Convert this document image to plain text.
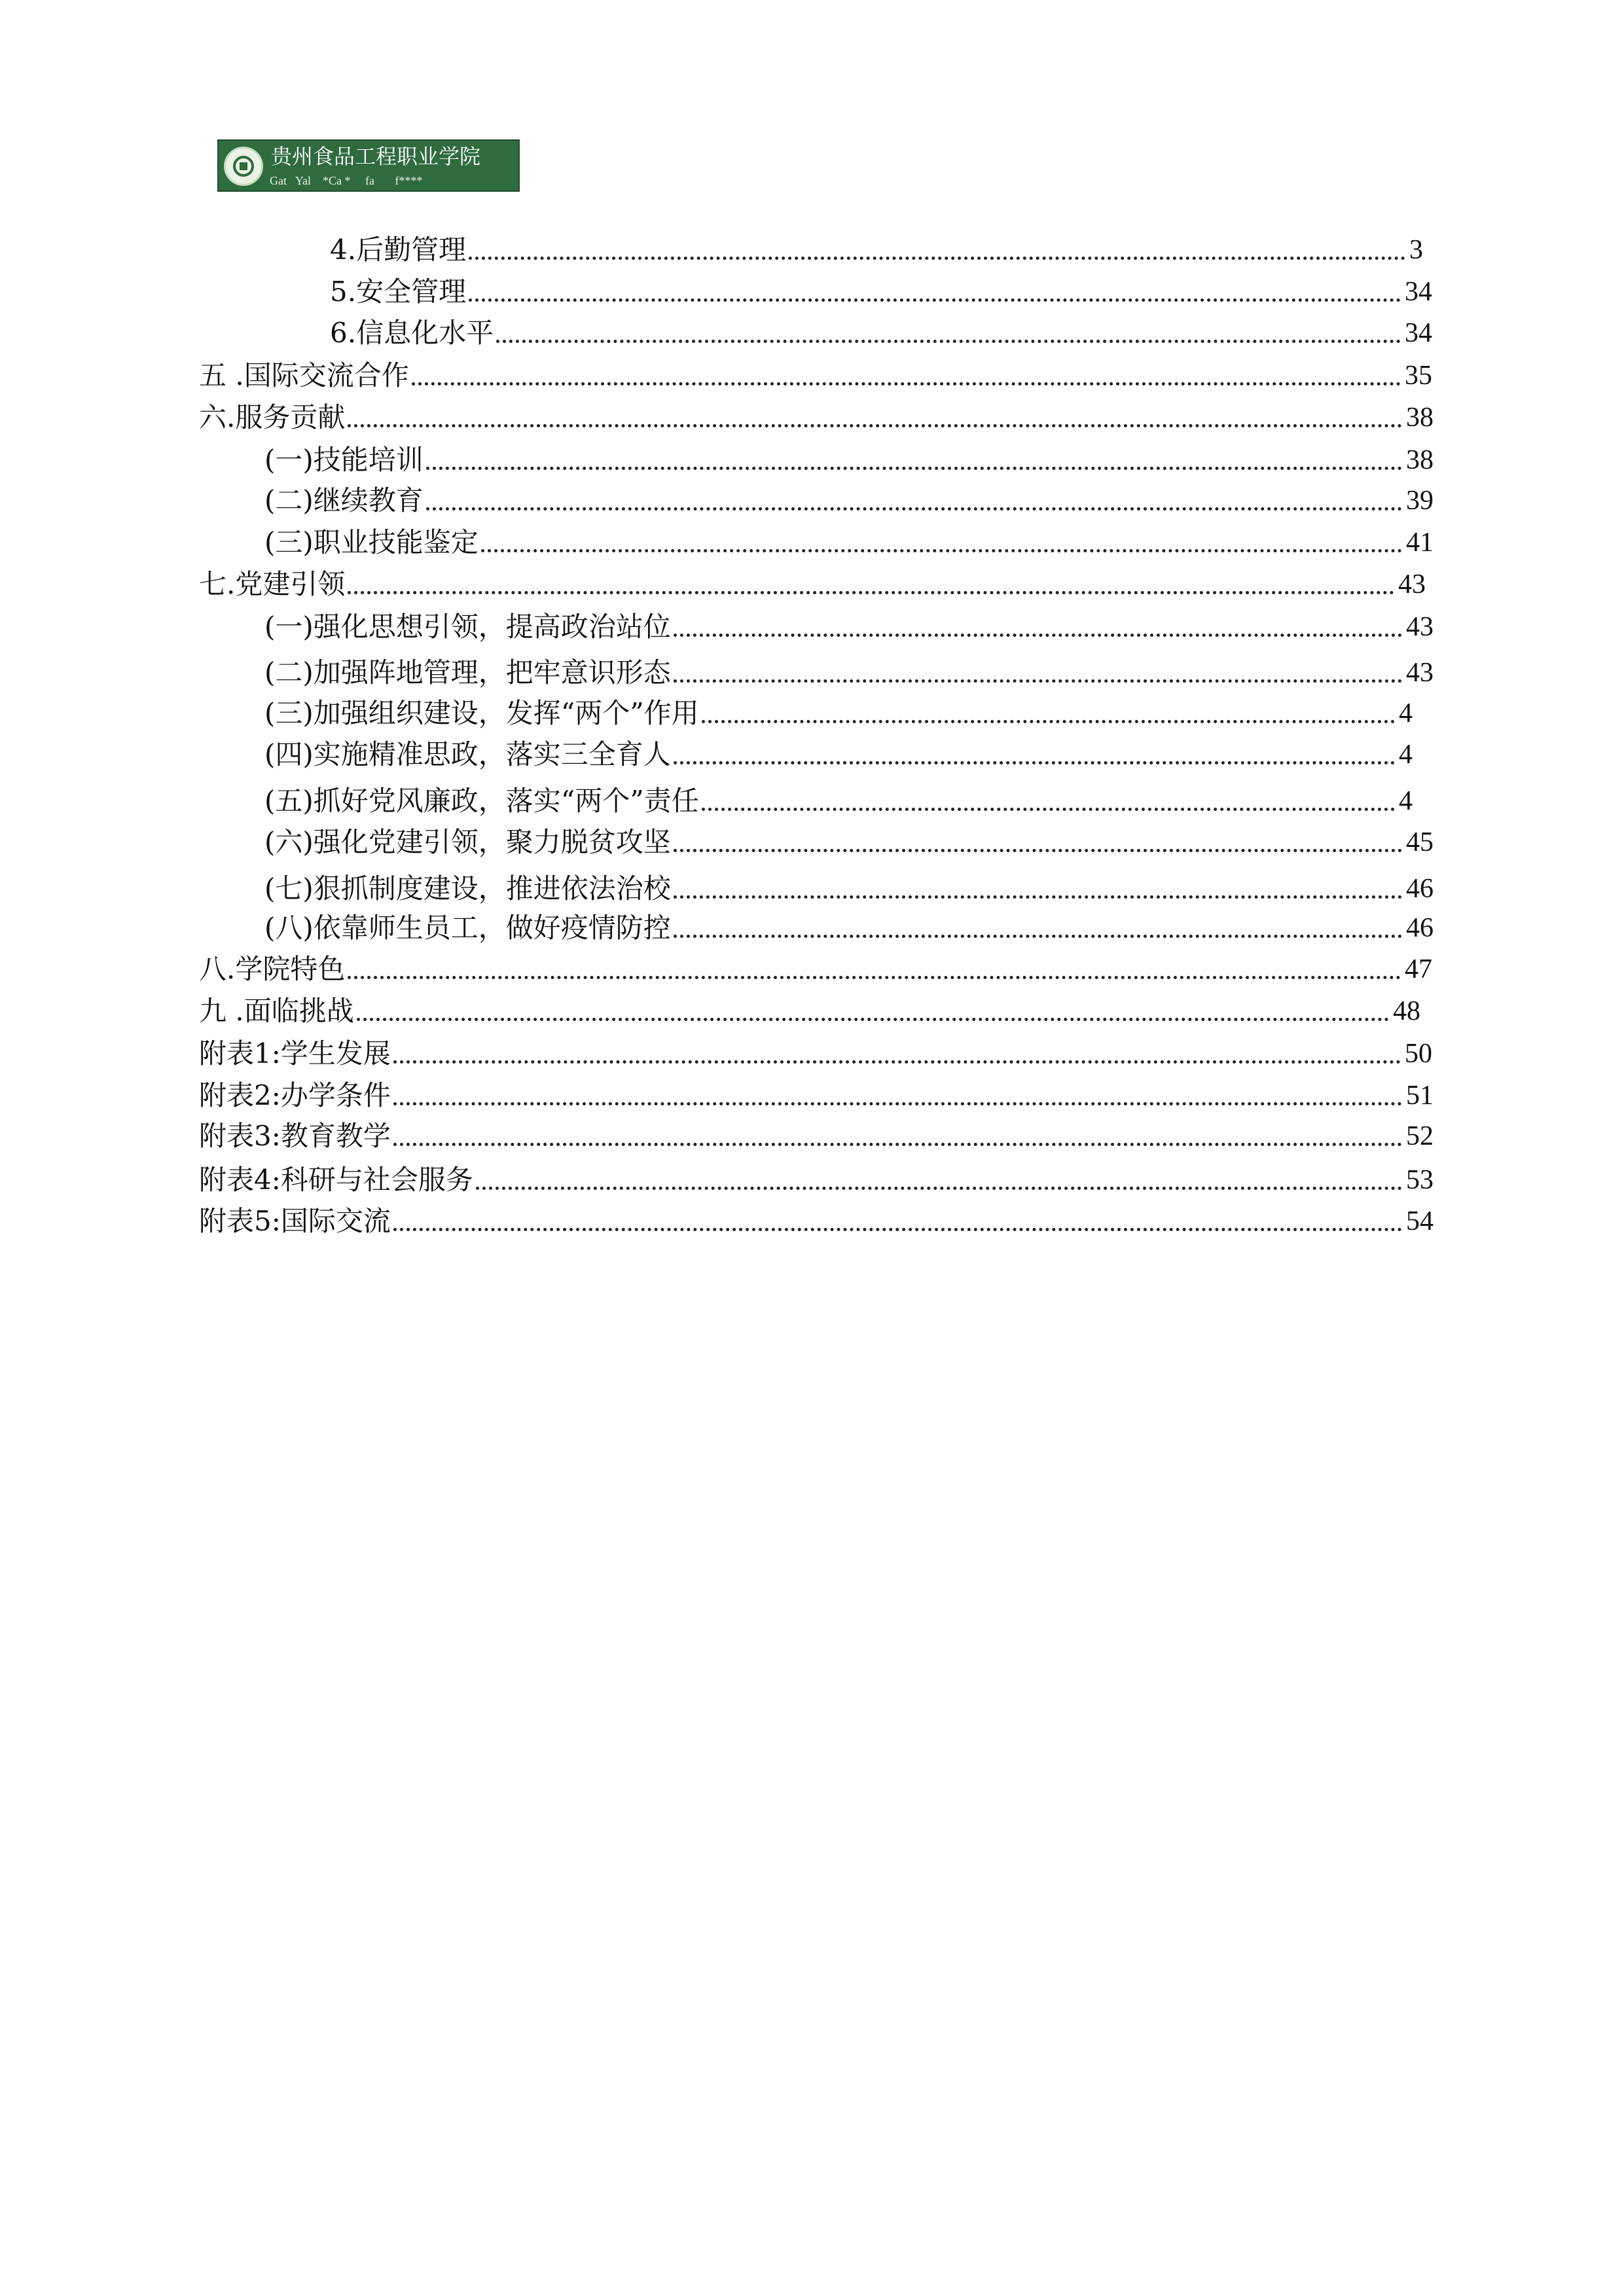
贵州食品工程职业学院
Gat   Yal    *Ca *     fa       f****
4.后勤管理	3
5.安全管理	34
6.信息化水平	34
五 .国际交流合作	35
六.服务贡献	38
(一)技能培训	38
(二)继续教育	39
(三)职业技能鉴定	41
七.党建引领	43
(一)强化思想引领，提高政治站位	43
(二)加强阵地管理，把牢意识形态	43
(三)加强组织建设，发挥“两个”作用	4
(四)实施精准思政，落实三全育人	4
(五)抓好党风廉政，落实“两个”责任	4
(六)强化党建引领，聚力脱贫攻坚	45
(七)狠抓制度建设，推进依法治校	46
(八)依靠师生员工，做好疫情防控	46
八.学院特色	47
九 .面临挑战	48
附表1:学生发展	50
附表2:办学条件	51
附表3:教育教学	52
附表4:科研与社会服务	53
附表5:国际交流	54
